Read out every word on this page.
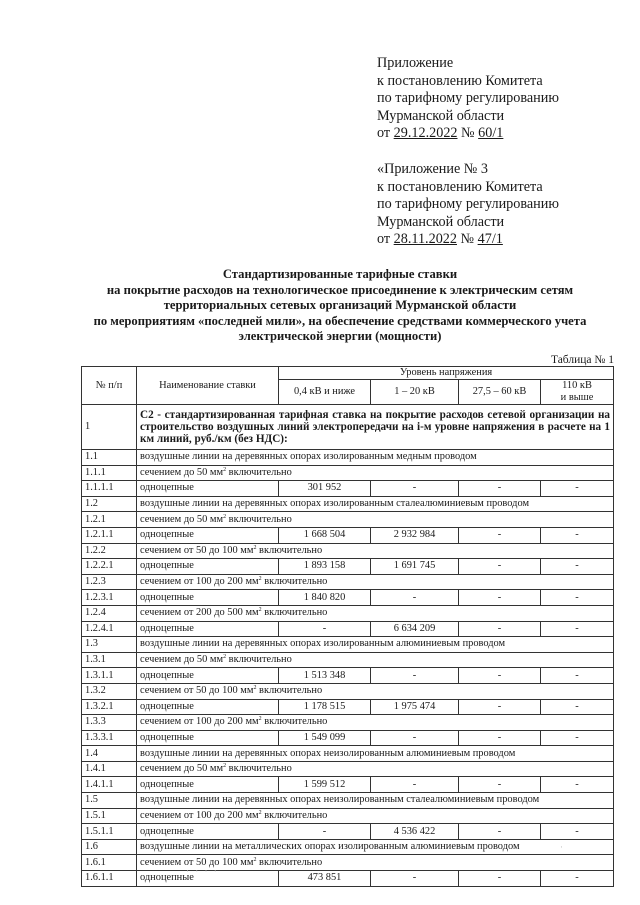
Приложение
к постановлению Комитета
по тарифному регулированию
Мурманской области
от 29.12.2022 № 60/1
«Приложение № 3
к постановлению Комитета
по тарифному регулированию
Мурманской области
от 28.11.2022 № 47/1
Стандартизированные тарифные ставки
на покрытие расходов на технологическое присоединение к электрическим сетям
территориальных сетевых организаций Мурманской области
по мероприятиям «последней мили», на обеспечение средствами коммерческого учета
электрической энергии (мощности)
Таблица № 1
№ п/п	Наименование ставки	Уровень напряжения			
		0,4 кВ и ниже	1 – 20 кВ	27,5 – 60 кВ	110 кВ
и выше
1	С2 - стандартизированная тарифная ставка на покрытие расходов сетевой организации на строительство воздушных линий электропередачи на i-м уровне напряжения в расчете на 1 км линий, руб./км (без НДС):				
1.1	воздушные линии на деревянных опорах изолированным медным проводом				
1.1.1	сечением до 50 $мм^2$ включительно				
1.1.1.1	одноцепные	301 952	-	-	-
1.2	воздушные линии на деревянных опорах изолированным сталеалюминиевым проводом				
1.2.1	сечением до 50 $мм^2$ включительно				
1.2.1.1	одноцепные	1 668 504	2 932 984	-	-
1.2.2	сечением от 50 до 100 $мм^2$ включительно				
1.2.2.1	одноцепные	1 893 158	1 691 745	-	-
1.2.3	сечением от 100 до 200 $мм^2$ включительно				
1.2.3.1	одноцепные	1 840 820	-	-	-
1.2.4	сечением от 200 до 500 $мм^2$ включительно				
1.2.4.1	одноцепные	-	6 634 209	-	-
1.3	воздушные линии на деревянных опорах изолированным алюминиевым проводом				
1.3.1	сечением до 50 $мм^2$ включительно				
1.3.1.1	одноцепные	1 513 348	-	-	-
1.3.2	сечением от 50 до 100 $мм^2$ включительно				
1.3.2.1	одноцепные	1 178 515	1 975 474	-	-
1.3.3	сечением от 100 до 200 $мм^2$ включительно				
1.3.3.1	одноцепные	1 549 099	-	-	-
1.4	воздушные линии на деревянных опорах неизолированным алюминиевым проводом				
1.4.1	сечением до 50 $мм^2$ включительно				
1.4.1.1	одноцепные	1 599 512	-	-	-
1.5	воздушные линии на деревянных опорах неизолированным сталеалюминиевым проводом				
1.5.1	сечением от 100 до 200 $мм^2$ включительно				
1.5.1.1	одноцепные	-	4 536 422	-	-
1.6	воздушные линии на металлических опорах изолированным алюминиевым проводом				
1.6.1	сечением от 50 до 100 $мм^2$ включительно				
1.6.1.1	одноцепные	473 851	-	-	-
· · · ·
·
